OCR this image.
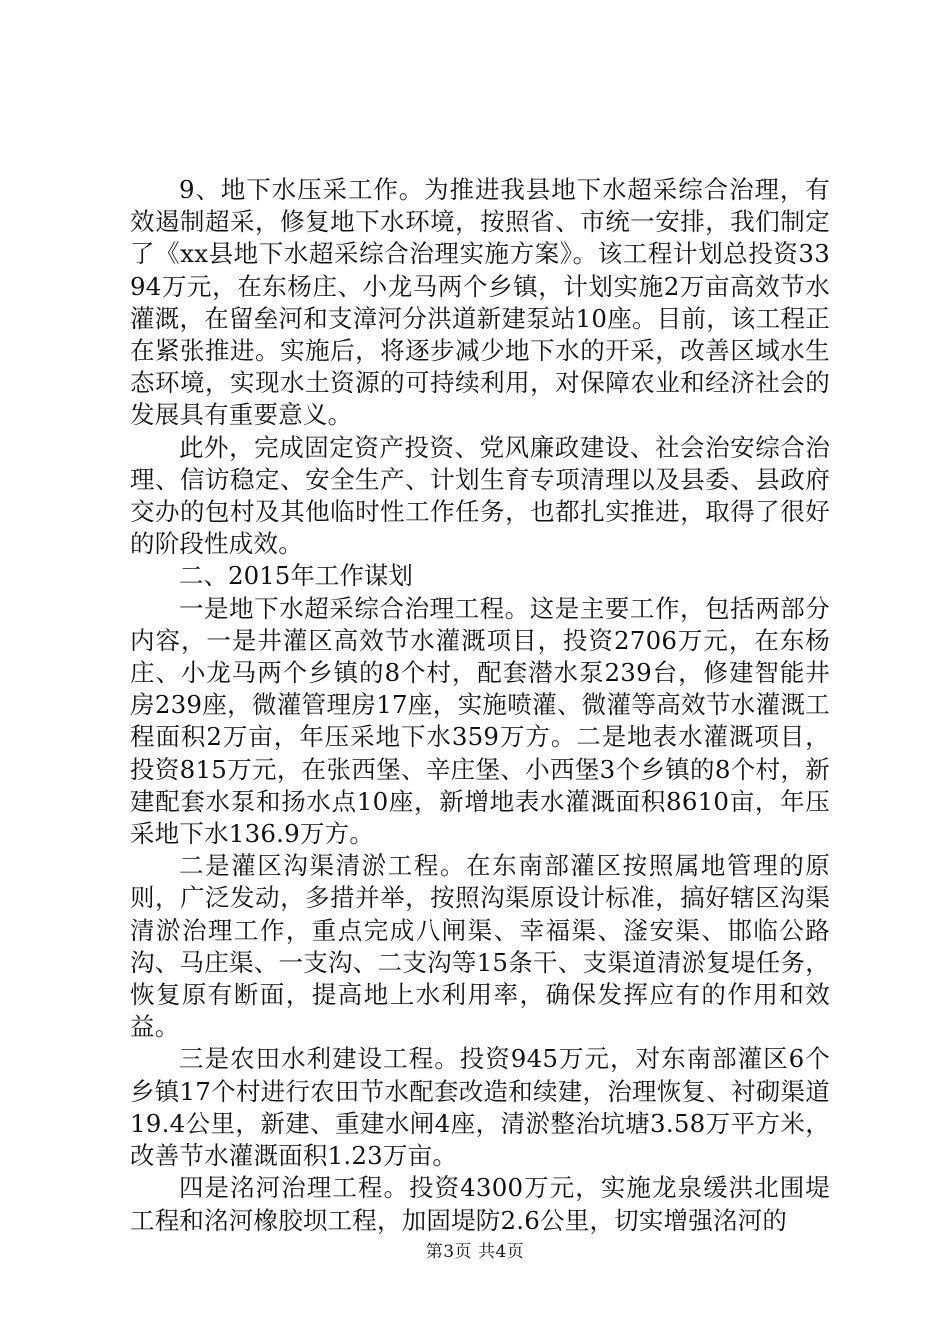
9、地下水压采工作。为推进我县地下水超采综合治理，有效遏制超采，修复地下水环境，按照省、市统一安排，我们制定了《xx县地下水超采综合治理实施方案》。该工程计划总投资3394万元，在东杨庄、小龙马两个乡镇，计划实施2万亩高效节水灌溉，在留垒河和支漳河分洪道新建泵站10座。目前，该工程正在紧张推进。实施后，将逐步减少地下水的开采，改善区域水生态环境，实现水土资源的可持续利用，对保障农业和经济社会的发展具有重要意义。

此外，完成固定资产投资、党风廉政建设、社会治安综合治理、信访稳定、安全生产、计划生育专项清理以及县委、县政府交办的包村及其他临时性工作任务，也都扎实推进，取得了很好的阶段性成效。

二、2015年工作谋划

一是地下水超采综合治理工程。这是主要工作，包括两部分内容，一是井灌区高效节水灌溉项目，投资2706万元，在东杨庄、小龙马两个乡镇的8个村，配套潜水泵239台，修建智能井房239座，微灌管理房17座，实施喷灌、微灌等高效节水灌溉工程面积2万亩，年压采地下水359万方。二是地表水灌溉项目，投资815万元，在张西堡、辛庄堡、小西堡3个乡镇的8个村，新建配套水泵和扬水点10座，新增地表水灌溉面积8610亩，年压采地下水136.9万方。

二是灌区沟渠清淤工程。在东南部灌区按照属地管理的原则，广泛发动，多措并举，按照沟渠原设计标准，搞好辖区沟渠清淤治理工作，重点完成八闸渠、幸福渠、滏安渠、邯临公路沟、马庄渠、一支沟、二支沟等15条干、支渠道清淤复堤任务，恢复原有断面，提高地上水利用率，确保发挥应有的作用和效益。

三是农田水利建设工程。投资945万元，对东南部灌区6个乡镇17个村进行农田节水配套改造和续建，治理恢复、衬砌渠道19.4公里，新建、重建水闸4座，清淤整治坑塘3.58万平方米，改善节水灌溉面积1.23万亩。

四是洺河治理工程。投资4300万元，实施龙泉缓洪北围堤工程和洺河橡胶坝工程，加固堤防2.6公里，切实增强洺河的

第3页 共4页
